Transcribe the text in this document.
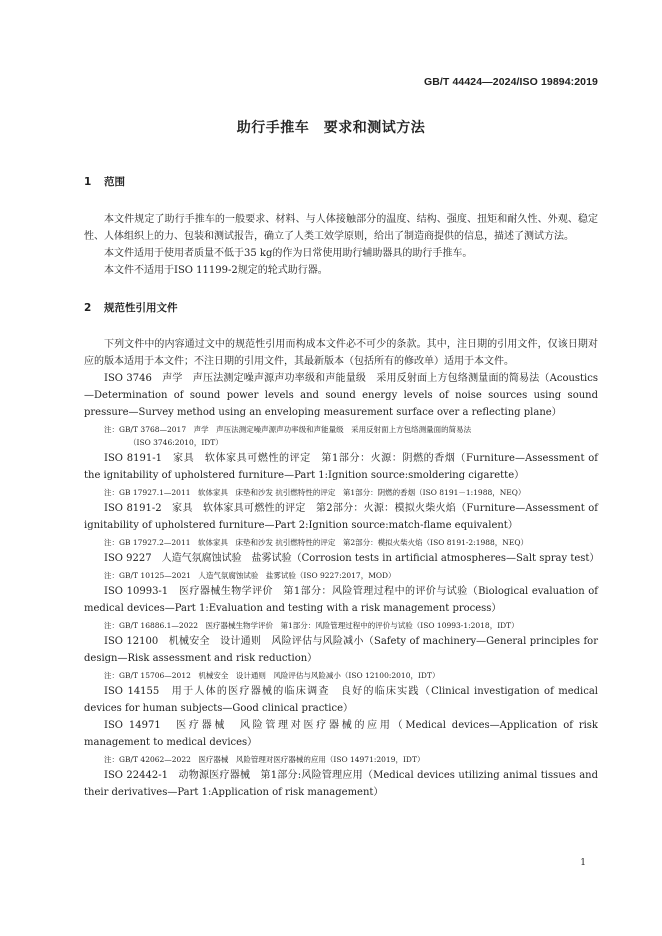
GB/T 44424—2024/ISO 19894:2019
助行手推车　要求和测试方法
1 范围

本文件规定了助行手推车的一般要求、材料、与人体接触部分的温度、结构、强度、扭矩和耐久性、外观、稳定性、人体组织上的力、包装和测试报告，确立了人类工效学原则，给出了制造商提供的信息，描述了测试方法。

本文件适用于使用者质量不低于35 kg的作为日常使用助行辅助器具的助行手推车。

本文件不适用于ISO 11199-2规定的轮式助行器。

2 规范性引用文件

下列文件中的内容通过文中的规范性引用而构成本文件必不可少的条款。其中，注日期的引用文件，仅该日期对应的版本适用于本文件；不注日期的引用文件，其最新版本（包括所有的修改单）适用于本文件。

ISO 3746　声学　声压法测定噪声源声功率级和声能量级　采用反射面上方包络测量面的简易法（Acoustics—Determination of sound power levels and sound energy levels of noise sources using sound pressure—Survey method using an enveloping measurement surface over a reflecting plane）

注：GB/T 3768—2017　声学　声压法测定噪声源声功率级和声能量级　采用反射面上方包络测量面的简易法
（ISO 3746:2010，IDT）

ISO 8191-1　家具　软体家具可燃性的评定　第1部分：火源：阴燃的香烟（Furniture—Assessment of the ignitability of upholstered furniture—Part 1:Ignition source:smoldering cigarette）

注：GB 17927.1—2011　软体家具　床垫和沙发 抗引燃特性的评定　第1部分：阴燃的香烟（ISO 8191－1:1988，NEQ）

ISO 8191-2　家具　软体家具可燃性的评定　第2部分：火源：模拟火柴火焰（Furniture—Assessment of ignitability of upholstered furniture—Part 2:Ignition source:match-flame equivalent）

注：GB 17927.2—2011　软体家具　床垫和沙发 抗引燃特性的评定　第2部分：模拟火柴火焰（ISO 8191-2:1988，NEQ）

ISO 9227　人造气氛腐蚀试验　盐雾试验（Corrosion tests in artificial atmospheres—Salt spray test）

注：GB/T 10125—2021　人造气氛腐蚀试验　盐雾试验（ISO 9227:2017，MOD）

ISO 10993-1　医疗器械生物学评价　第1部分：风险管理过程中的评价与试验（Biological evaluation of medical devices—Part 1:Evaluation and testing with a risk management process）

注：GB/T 16886.1—2022　医疗器械生物学评价　第1部分：风险管理过程中的评价与试验（ISO 10993-1:2018，IDT）

ISO 12100　机械安全　设计通则　风险评估与风险减小（Safety of machinery—General principles for design—Risk assessment and risk reduction）

注：GB/T 15706—2012　机械安全　设计通则　风险评估与风险减小（ISO 12100:2010，IDT）

ISO 14155　用于人体的医疗器械的临床调查　良好的临床实践（Clinical investigation of medical devices for human subjects—Good clinical practice）

ISO 14971　医疗器械　风险管理对医疗器械的应用（Medical devices—Application of risk management to medical devices）

注：GB/T 42062—2022　医疗器械　风险管理对医疗器械的应用（ISO 14971:2019，IDT）

ISO 22442-1　动物源医疗器械　第1部分:风险管理应用（Medical devices utilizing animal tissues and their derivatives—Part 1:Application of risk management）

1
